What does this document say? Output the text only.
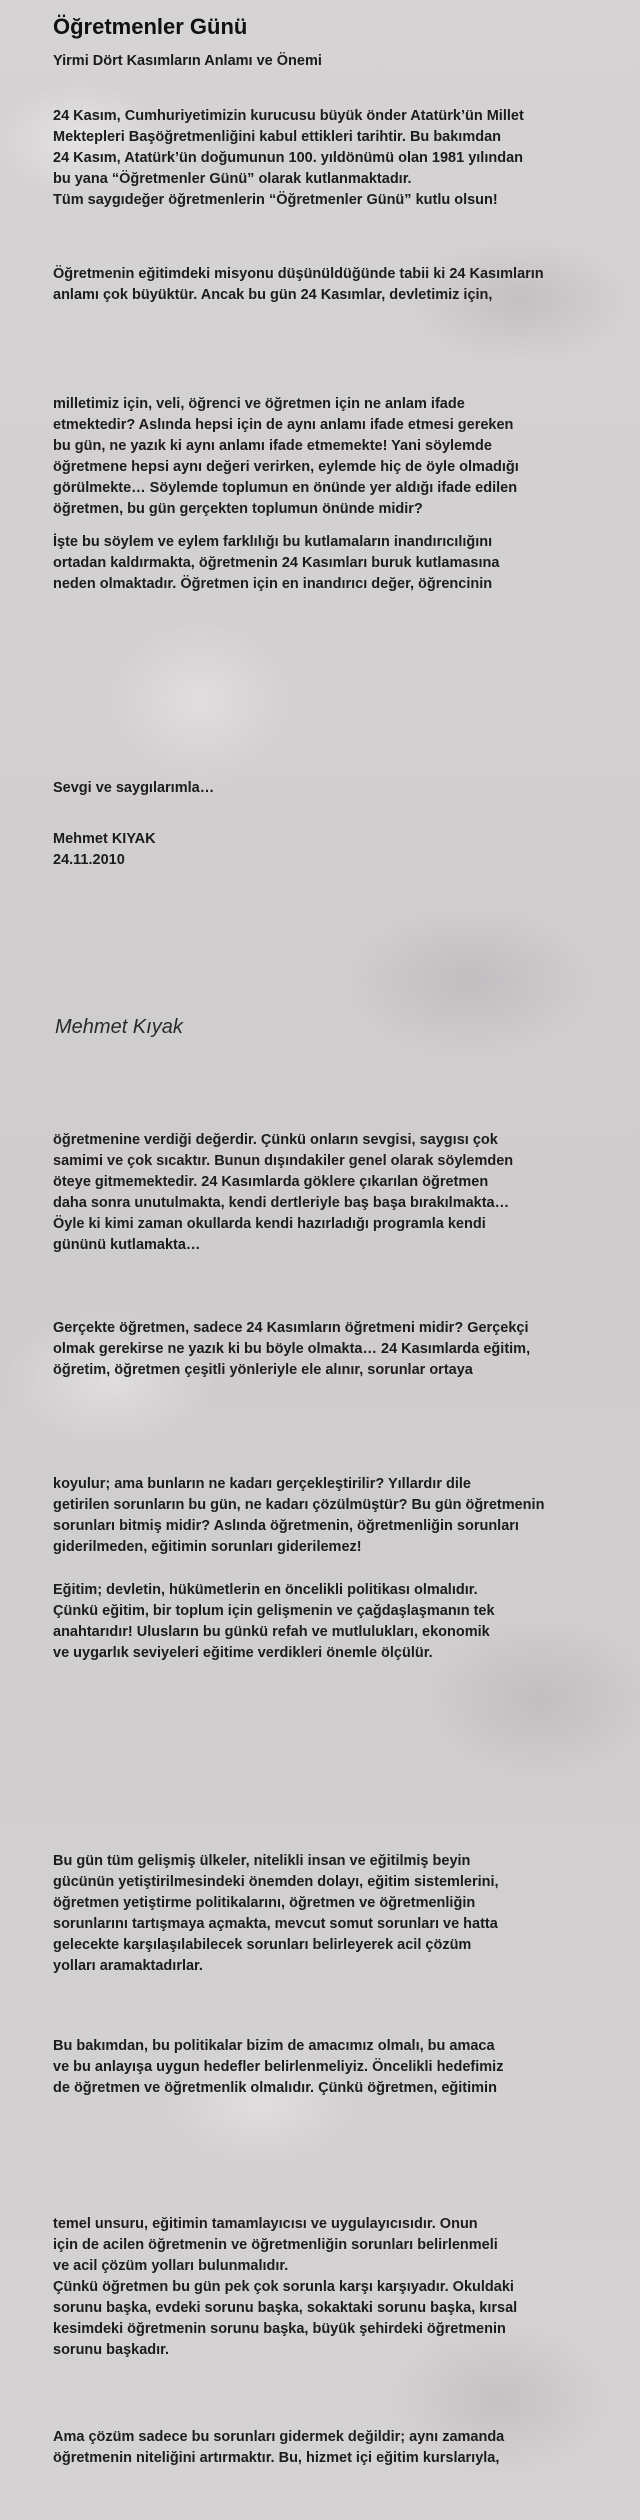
Öğretmenler Günü
Yirmi Dört Kasımların Anlamı ve Önemi

24 Kasım, Cumhuriyetimizin kurucusu büyük önder Atatürk’ün Millet

Mektepleri Başöğretmenliğini kabul ettikleri tarihtir. Bu bakımdan

24 Kasım, Atatürk’ün doğumunun 100. yıldönümü olan 1981 yılından

bu yana “Öğretmenler Günü” olarak kutlanmaktadır.

Tüm saygıdeğer öğretmenlerin “Öğretmenler Günü” kutlu olsun!

Öğretmenin eğitimdeki misyonu düşünüldüğünde tabii ki 24 Kasımların

anlamı çok büyüktür. Ancak bu gün 24 Kasımlar, devletimiz için,

milletimiz için, veli, öğrenci ve öğretmen için ne anlam ifade

etmektedir? Aslında hepsi için de aynı anlamı ifade etmesi gereken

bu gün, ne yazık ki aynı anlamı ifade etmemekte! Yani söylemde

öğretmene hepsi aynı değeri verirken, eylemde hiç de öyle olmadığı

görülmekte… Söylemde toplumun en önünde yer aldığı ifade edilen

öğretmen, bu gün gerçekten toplumun önünde midir?

İşte bu söylem ve eylem farklılığı bu kutlamaların inandırıcılığını

ortadan kaldırmakta, öğretmenin 24 Kasımları buruk kutlamasına

neden olmaktadır. Öğretmen için en inandırıcı değer, öğrencinin

Sevgi ve saygılarımla…

Mehmet KIYAK

24.11.2010

Mehmet Kıyak

öğretmenine verdiği değerdir. Çünkü onların sevgisi, saygısı çok

samimi ve çok sıcaktır. Bunun dışındakiler genel olarak söylemden

öteye gitmemektedir. 24 Kasımlarda göklere çıkarılan öğretmen

daha sonra unutulmakta, kendi dertleriyle baş başa bırakılmakta…

Öyle ki kimi zaman okullarda kendi hazırladığı programla kendi

gününü kutlamakta…

Gerçekte öğretmen, sadece 24 Kasımların öğretmeni midir? Gerçekçi

olmak gerekirse ne yazık ki bu böyle olmakta… 24 Kasımlarda eğitim,

öğretim, öğretmen çeşitli yönleriyle ele alınır, sorunlar ortaya

koyulur; ama bunların ne kadarı gerçekleştirilir? Yıllardır dile

getirilen sorunların bu gün, ne kadarı çözülmüştür? Bu gün öğretmenin

sorunları bitmiş midir? Aslında öğretmenin, öğretmenliğin sorunları

giderilmeden, eğitimin sorunları giderilemez!

Eğitim; devletin, hükümetlerin en öncelikli politikası olmalıdır.

Çünkü eğitim, bir toplum için gelişmenin ve çağdaşlaşmanın tek

anahtarıdır! Ulusların bu günkü refah ve mutlulukları, ekonomik

ve uygarlık seviyeleri eğitime verdikleri önemle ölçülür.

Bu gün tüm gelişmiş ülkeler, nitelikli insan ve eğitilmiş beyin

gücünün yetiştirilmesindeki önemden dolayı, eğitim sistemlerini,

öğretmen yetiştirme politikalarını, öğretmen ve öğretmenliğin

sorunlarını tartışmaya açmakta, mevcut somut sorunları ve hatta

gelecekte karşılaşılabilecek sorunları belirleyerek acil çözüm

yolları aramaktadırlar.

Bu bakımdan, bu politikalar bizim de amacımız olmalı, bu amaca

ve bu anlayışa uygun hedefler belirlenmeliyiz. Öncelikli hedefimiz

de öğretmen ve öğretmenlik olmalıdır. Çünkü öğretmen, eğitimin

temel unsuru, eğitimin tamamlayıcısı ve uygulayıcısıdır. Onun

için de acilen öğretmenin ve öğretmenliğin sorunları belirlenmeli

ve acil çözüm yolları bulunmalıdır.

Çünkü öğretmen bu gün pek çok sorunla karşı karşıyadır. Okuldaki

sorunu başka, evdeki sorunu başka, sokaktaki sorunu başka, kırsal

kesimdeki öğretmenin sorunu başka, büyük şehirdeki öğretmenin

sorunu başkadır.

Ama çözüm sadece bu sorunları gidermek değildir; aynı zamanda

öğretmenin niteliğini artırmaktır. Bu, hizmet içi eğitim kurslarıyla,
